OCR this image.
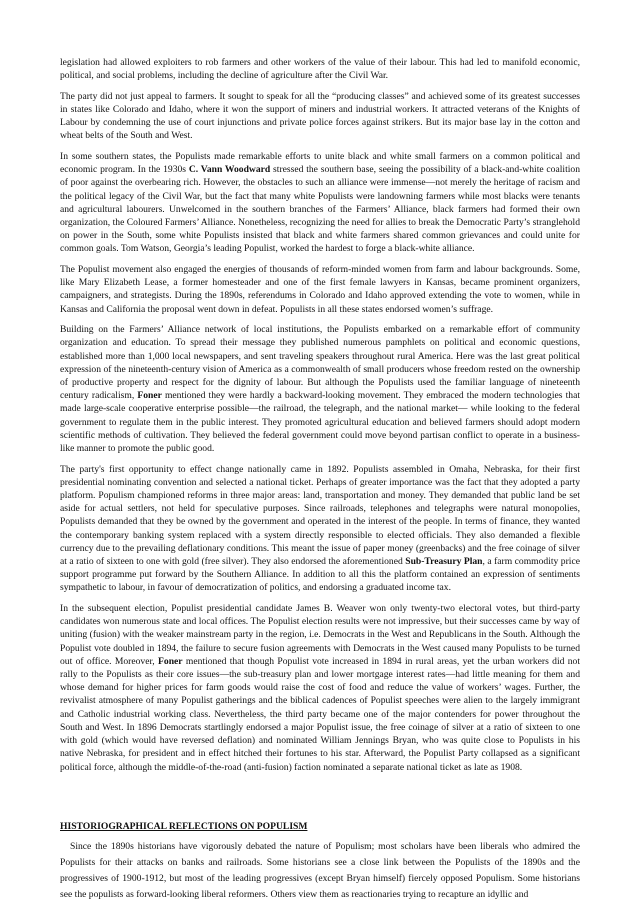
legislation had allowed exploiters to rob farmers and other workers of the value of their labour. This had led to manifold economic, political, and social problems, including the decline of agriculture after the Civil War.

The party did not just appeal to farmers. It sought to speak for all the “producing classes” and achieved some of its greatest successes in states like Colorado and Idaho, where it won the support of miners and industrial workers. It attracted veterans of the Knights of Labour by condemning the use of court injunctions and private police forces against strikers. But its major base lay in the cotton and wheat belts of the South and West.

In some southern states, the Populists made remarkable efforts to unite black and white small farmers on a common political and economic program. In the 1930s C. Vann Woodward stressed the southern base, seeing the possibility of a black-and-white coalition of poor against the overbearing rich. However, the obstacles to such an alliance were immense—not merely the heritage of racism and the political legacy of the Civil War, but the fact that many white Populists were landowning farmers while most blacks were tenants and agricultural labourers. Unwelcomed in the southern branches of the Farmers’ Alliance, black farmers had formed their own organization, the Coloured Farmers’ Alliance. Nonetheless, recognizing the need for allies to break the Democratic Party’s stranglehold on power in the South, some white Populists insisted that black and white farmers shared common grievances and could unite for common goals. Tom Watson, Georgia’s leading Populist, worked the hardest to forge a black-white alliance.

The Populist movement also engaged the energies of thousands of reform-minded women from farm and labour backgrounds. Some, like Mary Elizabeth Lease, a former homesteader and one of the first female lawyers in Kansas, became prominent organizers, campaigners, and strategists. During the 1890s, referendums in Colorado and Idaho approved extending the vote to women, while in Kansas and California the proposal went down in defeat. Populists in all these states endorsed women’s suffrage.

Building on the Farmers’ Alliance network of local institutions, the Populists embarked on a remarkable effort of community organization and education. To spread their message they published numerous pamphlets on political and economic questions, established more than 1,000 local newspapers, and sent traveling speakers throughout rural America. Here was the last great political expression of the nineteenth-century vision of America as a commonwealth of small producers whose freedom rested on the ownership of productive property and respect for the dignity of labour. But although the Populists used the familiar language of nineteenth century radicalism, Foner mentioned they were hardly a backward-looking movement. They embraced the modern technologies that made large-scale cooperative enterprise possible—the railroad, the telegraph, and the national market— while looking to the federal government to regulate them in the public interest. They promoted agricultural education and believed farmers should adopt modern scientific methods of cultivation. They believed the federal government could move beyond partisan conflict to operate in a business-like manner to promote the public good.

The party's first opportunity to effect change nationally came in 1892. Populists assembled in Omaha, Nebraska, for their first presidential nominating convention and selected a national ticket. Perhaps of greater importance was the fact that they adopted a party platform. Populism championed reforms in three major areas: land, transportation and money. They demanded that public land be set aside for actual settlers, not held for speculative purposes. Since railroads, telephones and telegraphs were natural monopolies, Populists demanded that they be owned by the government and operated in the interest of the people. In terms of finance, they wanted the contemporary banking system replaced with a system directly responsible to elected officials. They also demanded a flexible currency due to the prevailing deflationary conditions. This meant the issue of paper money (greenbacks) and the free coinage of silver at a ratio of sixteen to one with gold (free silver). They also endorsed the aforementioned Sub-Treasury Plan, a farm commodity price support programme put forward by the Southern Alliance. In addition to all this the platform contained an expression of sentiments sympathetic to labour, in favour of democratization of politics, and endorsing a graduated income tax.

In the subsequent election, Populist presidential candidate James B. Weaver won only twenty-two electoral votes, but third-party candidates won numerous state and local offices. The Populist election results were not impressive, but their successes came by way of uniting (fusion) with the weaker mainstream party in the region, i.e. Democrats in the West and Republicans in the South. Although the Populist vote doubled in 1894, the failure to secure fusion agreements with Democrats in the West caused many Populists to be turned out of office. Moreover, Foner mentioned that though Populist vote increased in 1894 in rural areas, yet the urban workers did not rally to the Populists as their core issues—the sub-treasury plan and lower mortgage interest rates—had little meaning for them and whose demand for higher prices for farm goods would raise the cost of food and reduce the value of workers’ wages. Further, the revivalist atmosphere of many Populist gatherings and the biblical cadences of Populist speeches were alien to the largely immigrant and Catholic industrial working class. Nevertheless, the third party became one of the major contenders for power throughout the South and West. In 1896 Democrats startlingly endorsed a major Populist issue, the free coinage of silver at a ratio of sixteen to one with gold (which would have reversed deflation) and nominated William Jennings Bryan, who was quite close to Populists in his native Nebraska, for president and in effect hitched their fortunes to his star. Afterward, the Populist Party collapsed as a significant political force, although the middle-of-the-road (anti-fusion) faction nominated a separate national ticket as late as 1908.

HISTORIOGRAPHICAL REFLECTIONS ON POPULISM

Since the 1890s historians have vigorously debated the nature of Populism; most scholars have been liberals who admired the Populists for their attacks on banks and railroads. Some historians see a close link between the Populists of the 1890s and the progressives of 1900-1912, but most of the leading progressives (except Bryan himself) fiercely opposed Populism. Some historians see the populists as forward-looking liberal reformers. Others view them as reactionaries trying to recapture an idyllic and
